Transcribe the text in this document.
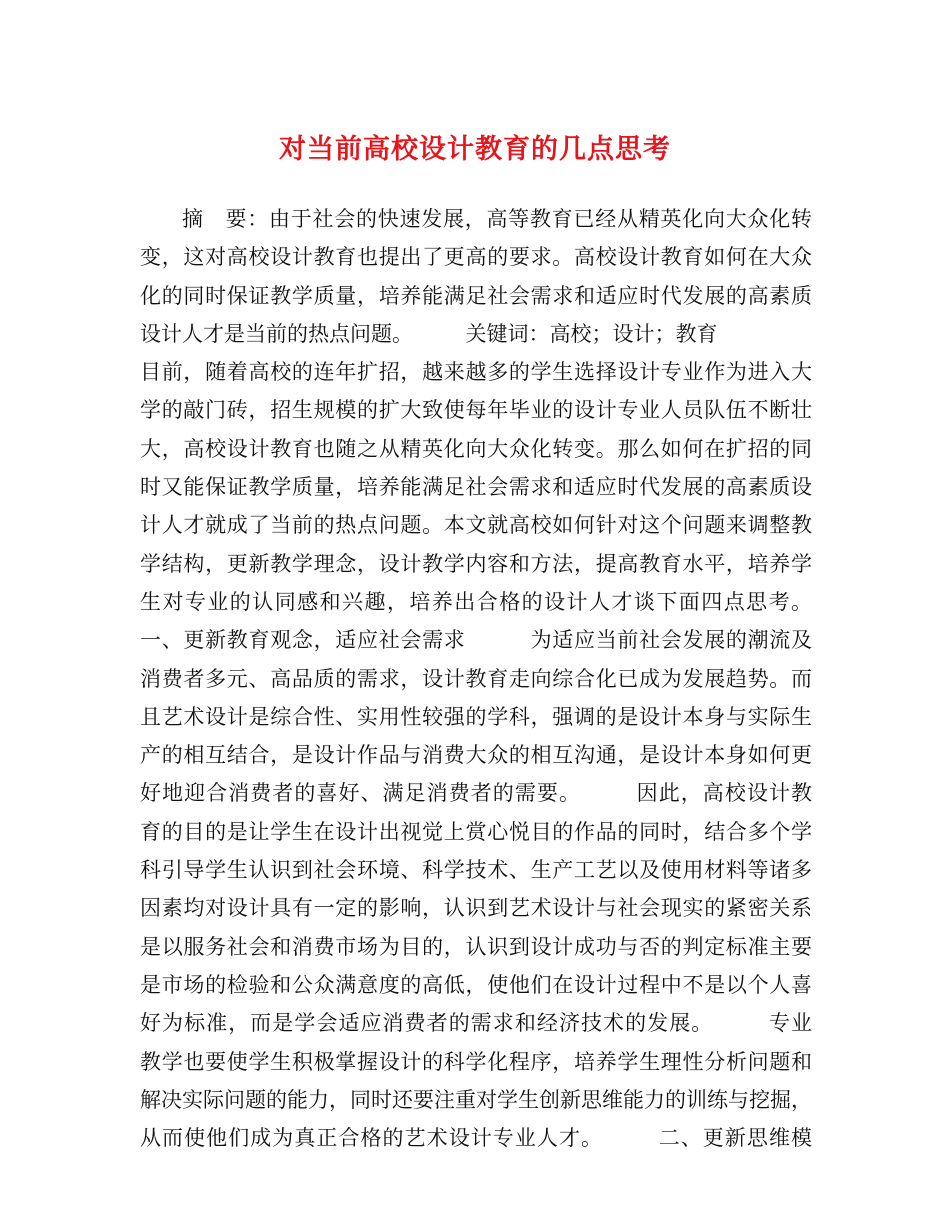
对当前高校设计教育的几点思考
摘　要：由于社会的快速发展，高等教育已经从精英化向大众化转
变，这对高校设计教育也提出了更高的要求。高校设计教育如何在大众
化的同时保证教学质量，培养能满足社会需求和适应时代发展的高素质
设计人才是当前的热点问题。　　　关键词：高校；设计；教育
目前，随着高校的连年扩招，越来越多的学生选择设计专业作为进入大
学的敲门砖，招生规模的扩大致使每年毕业的设计专业人员队伍不断壮
大，高校设计教育也随之从精英化向大众化转变。那么如何在扩招的同
时又能保证教学质量，培养能满足社会需求和适应时代发展的高素质设
计人才就成了当前的热点问题。本文就高校如何针对这个问题来调整教
学结构，更新教学理念，设计教学内容和方法，提高教育水平，培养学
生对专业的认同感和兴趣，培养出合格的设计人才谈下面四点思考。
一、更新教育观念，适应社会需求　　　为适应当前社会发展的潮流及
消费者多元、高品质的需求，设计教育走向综合化已成为发展趋势。而
且艺术设计是综合性、实用性较强的学科，强调的是设计本身与实际生
产的相互结合，是设计作品与消费大众的相互沟通，是设计本身如何更
好地迎合消费者的喜好、满足消费者的需要。　　　因此，高校设计教
育的目的是让学生在设计出视觉上赏心悦目的作品的同时，结合多个学
科引导学生认识到社会环境、科学技术、生产工艺以及使用材料等诸多
因素均对设计具有一定的影响，认识到艺术设计与社会现实的紧密关系
是以服务社会和消费市场为目的，认识到设计成功与否的判定标准主要
是市场的检验和公众满意度的高低，使他们在设计过程中不是以个人喜
好为标准，而是学会适应消费者的需求和经济技术的发展。　　　专业
教学也要使学生积极掌握设计的科学化程序，培养学生理性分析问题和
解决实际问题的能力，同时还要注重对学生创新思维能力的训练与挖掘，
从而使他们成为真正合格的艺术设计专业人才。　　　二、更新思维模
